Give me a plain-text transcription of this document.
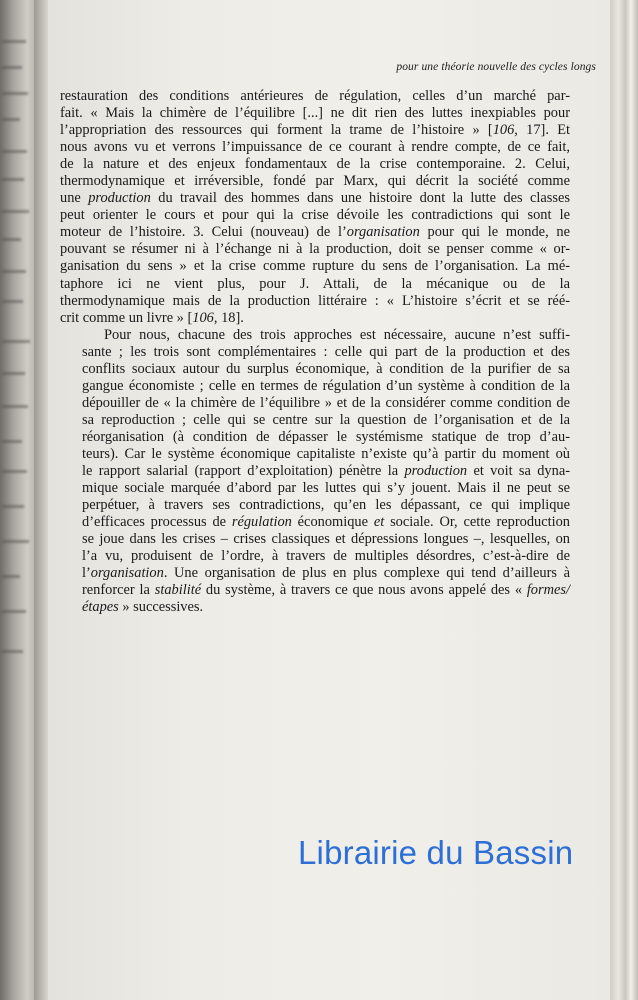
pour une théorie nouvelle des cycles longs

restauration des conditions antérieures de régulation, celles d’un marché par-
fait. « Mais la chimère de l’équilibre [...] ne dit rien des luttes inexpiables pour
l’appropriation des ressources qui forment la trame de l’histoire » [106, 17]. Et
nous avons vu et verrons l’impuissance de ce courant à rendre compte, de ce fait,
de la nature et des enjeux fondamentaux de la crise contemporaine. 2. Celui,
thermodynamique et irréversible, fondé par Marx, qui décrit la société comme
une production du travail des hommes dans une histoire dont la lutte des classes
peut orienter le cours et pour qui la crise dévoile les contradictions qui sont le
moteur de l’histoire. 3. Celui (nouveau) de l’organisation pour qui le monde, ne
pouvant se résumer ni à l’échange ni à la production, doit se penser comme « or-
ganisation du sens » et la crise comme rupture du sens de l’organisation. La mé-
taphore ici ne vient plus, pour J. Attali, de la mécanique ou de la
thermodynamique mais de la production littéraire : « L’histoire s’écrit et se réé-
crit comme un livre » [106, 18].

Pour nous, chacune des trois approches est nécessaire, aucune n’est suffi-
sante ; les trois sont complémentaires : celle qui part de la production et des
conflits sociaux autour du surplus économique, à condition de la purifier de sa
gangue économiste ; celle en termes de régulation d’un système à condition de la
dépouiller de « la chimère de l’équilibre » et de la considérer comme condition de
sa reproduction ; celle qui se centre sur la question de l’organisation et de la
réorganisation (à condition de dépasser le systémisme statique de trop d’au-
teurs). Car le système économique capitaliste n’existe qu’à partir du moment où
le rapport salarial (rapport d’exploitation) pénètre la production et voit sa dyna-
mique sociale marquée d’abord par les luttes qui s’y jouent. Mais il ne peut se
perpétuer, à travers ses contradictions, qu’en les dépassant, ce qui implique
d’efficaces processus de régulation économique et sociale. Or, cette reproduction
se joue dans les crises – crises classiques et dépressions longues –, lesquelles, on
l’a vu, produisent de l’ordre, à travers de multiples désordres, c’est-à-dire de
l’organisation. Une organisation de plus en plus complexe qui tend d’ailleurs à
renforcer la stabilité du système, à travers ce que nous avons appelé des « formes/
étapes » successives.

Librairie du Bassin
